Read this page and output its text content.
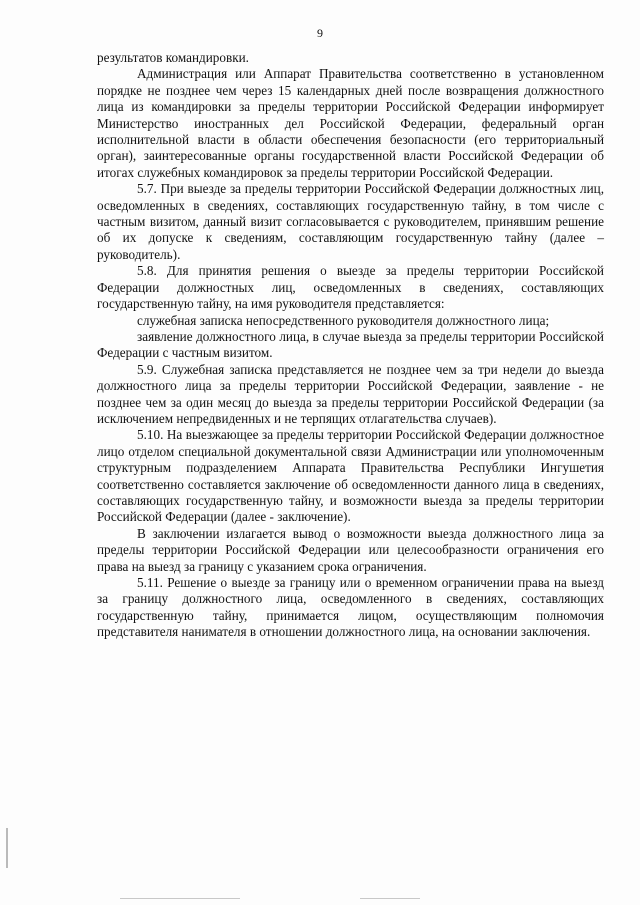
9

результатов командировки.

Администрация или Аппарат Правительства соответственно в установленном порядке не позднее чем через 15 календарных дней после возвращения должностного лица из командировки за пределы территории Российской Федерации информирует Министерство иностранных дел Российской Федерации, федеральный орган исполнительной власти в области обеспечения безопасности (его территориальный орган), заинтересованные органы государственной власти Российской Федерации об итогах служебных командировок за пределы территории Российской Федерации.

5.7. При выезде за пределы территории Российской Федерации должностных лиц, осведомленных в сведениях, составляющих государственную тайну, в том числе с частным визитом, данный визит согласовывается с руководителем, принявшим решение об их допуске к сведениям, составляющим государственную тайну (далее – руководитель).

5.8. Для принятия решения о выезде за пределы территории Российской Федерации должностных лиц, осведомленных в сведениях, составляющих государственную тайну, на имя руководителя представляется:

служебная записка непосредственного руководителя должностного лица;

заявление должностного лица, в случае выезда за пределы территории Российской Федерации с частным визитом.

5.9. Служебная записка представляется не позднее чем за три недели до выезда должностного лица за пределы территории Российской Федерации, заявление - не позднее чем за один месяц до выезда за пределы территории Российской Федерации (за исключением непредвиденных и не терпящих отлагательства случаев).

5.10. На выезжающее за пределы территории Российской Федерации должностное лицо отделом специальной документальной связи Администрации или уполномоченным структурным подразделением Аппарата Правительства Республики Ингушетия соответственно составляется заключение об осведомленности данного лица в сведениях, составляющих государственную тайну, и возможности выезда за пределы территории Российской Федерации (далее - заключение).

В заключении излагается вывод о возможности выезда должностного лица за пределы территории Российской Федерации или целесообразности ограничения его права на выезд за границу с указанием срока ограничения.

5.11. Решение о выезде за границу или о временном ограничении права на выезд за границу должностного лица, осведомленного в сведениях, составляющих государственную тайну, принимается лицом, осуществляющим полномочия представителя нанимателя в отношении должностного лица, на основании заключения.
